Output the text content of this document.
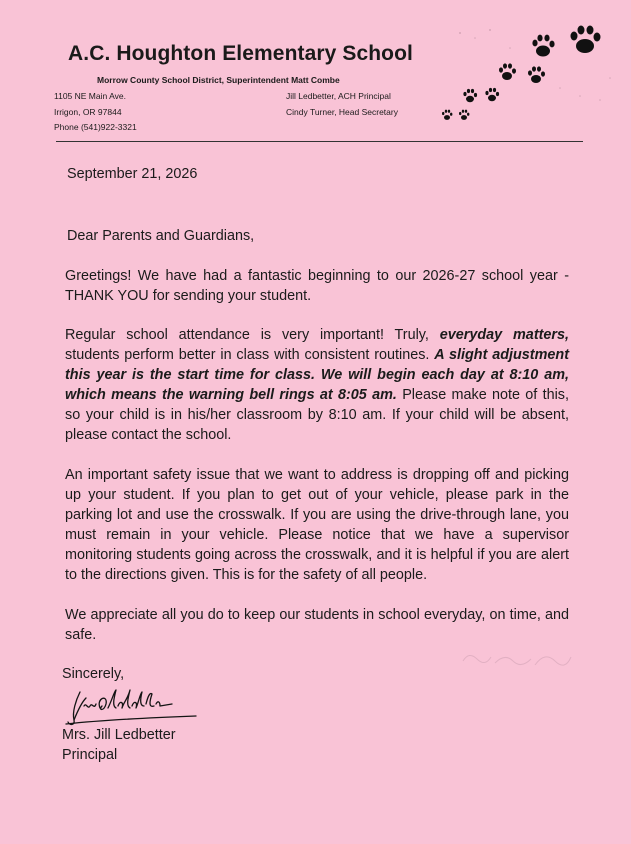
A.C. Houghton Elementary School
Morrow County School District, Superintendent Matt Combe
1105 NE Main Ave.
Irrigon, OR 97844
Phone (541)922-3321
Jill Ledbetter, ACH Principal
Cindy Turner, Head Secretary
September 21, 2026
Dear Parents and Guardians,
Greetings! We have had a fantastic beginning to our 2026-27 school year - THANK YOU for sending your student.
Regular school attendance is very important! Truly, everyday matters, students perform better in class with consistent routines. A slight adjustment this year is the start time for class. We will begin each day at 8:10 am, which means the warning bell rings at 8:05 am. Please make note of this, so your child is in his/her classroom by 8:10 am. If your child will be absent, please contact the school.
An important safety issue that we want to address is dropping off and picking up your student. If you plan to get out of your vehicle, please park in the parking lot and use the crosswalk. If you are using the drive-through lane, you must remain in your vehicle. Please notice that we have a supervisor monitoring students going across the crosswalk, and it is helpful if you are alert to the directions given. This is for the safety of all people.
We appreciate all you do to keep our students in school everyday, on time, and safe.
Sincerely,
Mrs. Jill Ledbetter
Principal
